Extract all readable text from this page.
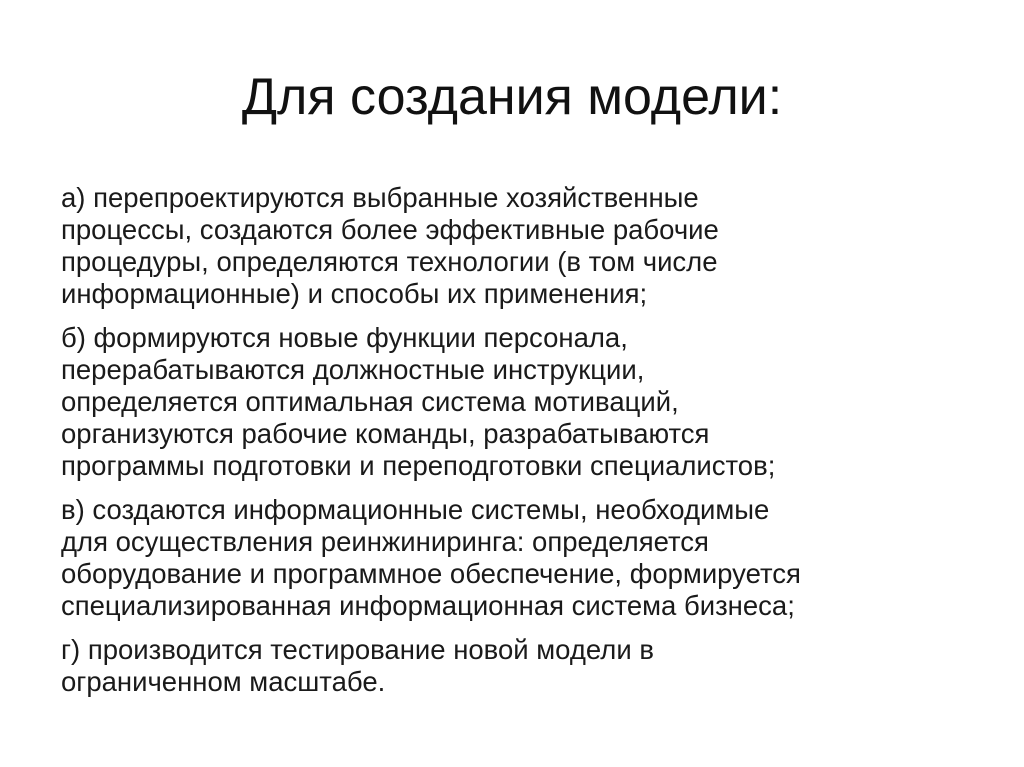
Для создания модели:

а) перепроектируются выбранные хозяйственные
процессы, создаются более эффективные рабочие
процедуры, определяются технологии (в том числе
информационные) и способы их применения;

б) формируются новые функции персонала,
перерабатываются должностные инструкции,
определяется оптимальная система мотиваций,
организуются рабочие команды, разрабатываются
программы подготовки и переподготовки специалистов;

в) создаются информационные системы, необходимые
для осуществления реинжиниринга: определяется
оборудование и программное обеспечение, формируется
специализированная информационная система бизнеса;

г) производится тестирование новой модели в
ограниченном масштабе.
